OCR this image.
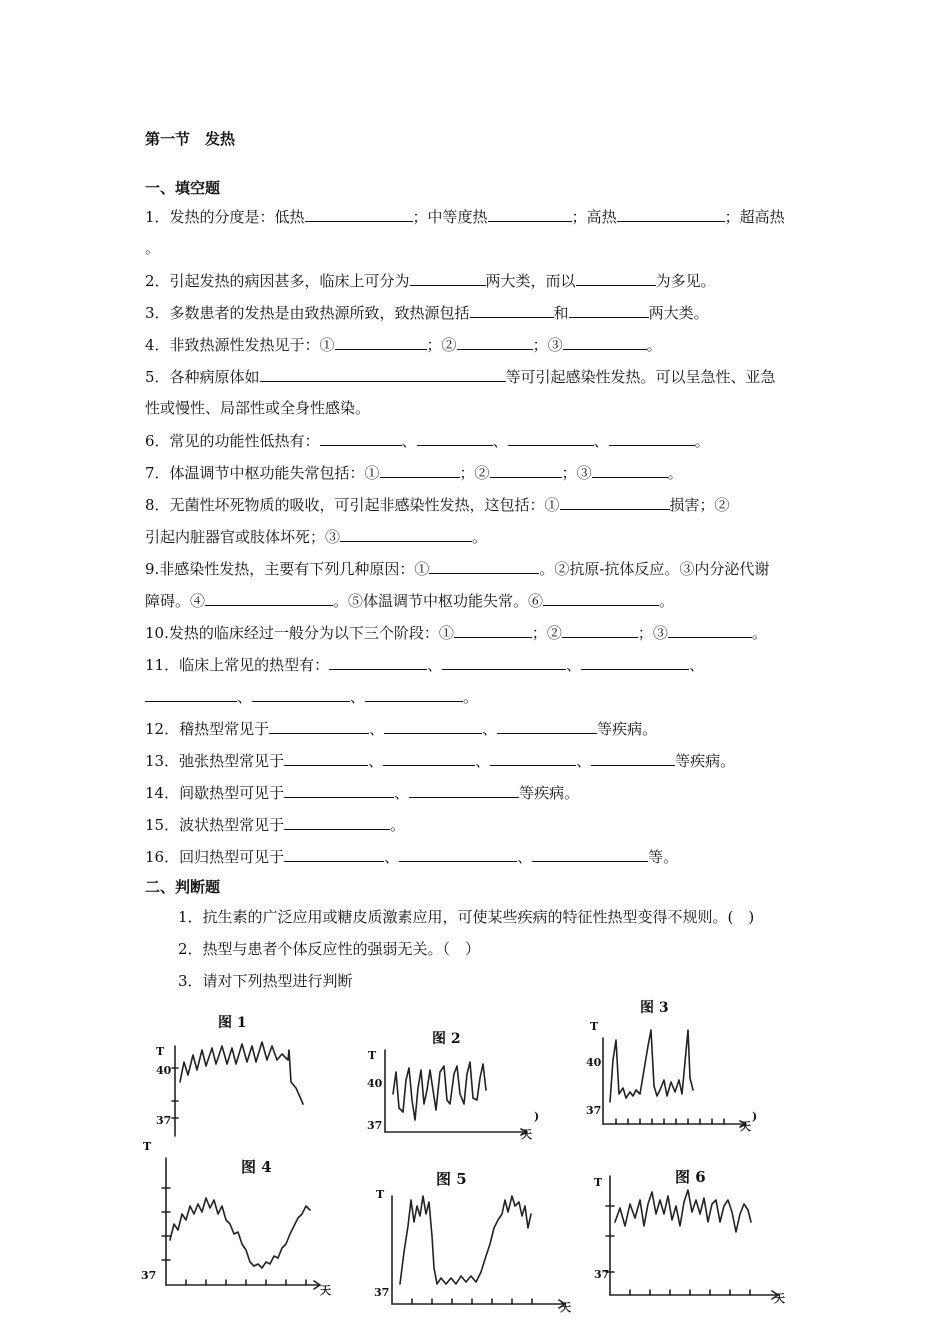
第一节　发热
一、填空题
1．发热的分度是：低热	；中等度热	；高热	；超高热
。
2．引起发热的病因甚多，临床上可分为	两大类，而以	为多见。
3．多数患者的发热是由致热源所致，致热源包括	和	两大类。
4．非致热源性发热见于：①	；②	；③	。
5．各种病原体如	等可引起感染性发热。可以呈急性、亚急
性或慢性、局部性或全身性感染。
6．常见的功能性低热有：	、	、	、	。
7．体温调节中枢功能失常包括：①	；②	；③	。
8．无菌性坏死物质的吸收，可引起非感染性发热，这包括：①	损害；②
引起内脏器官或肢体坏死；③	。
9.非感染性发热，主要有下列几种原因：①	。②抗原-抗体反应。③内分泌代谢
障碍。④	。⑤体温调节中枢功能失常。⑥	。
10.发热的临床经过一般分为以下三个阶段：①	；②	；③	。
11．临床上常见的热型有：	、	、	、
、	、	。
12．稽热型常见于	、	、	等疾病。
13．弛张热型常见于	、	、	、	等疾病。
14．间歇热型可见于	、	等疾病。
15．波状热型常见于	。
16．回归热型可见于	、	、	等。
二、判断题
1．抗生素的广泛应用或糖皮质激素应用，可使某些疾病的特征性热型变得不规则。(　)
2．热型与患者个体反应性的强弱无关。（　）
3．请对下列热型进行判断
图 1
T
40
37
图 2
T
40
37
天
)
图 3
T
40
37
天
)
T
图 4
37
天
图 5
T
37
天
图 6
T
37
天
